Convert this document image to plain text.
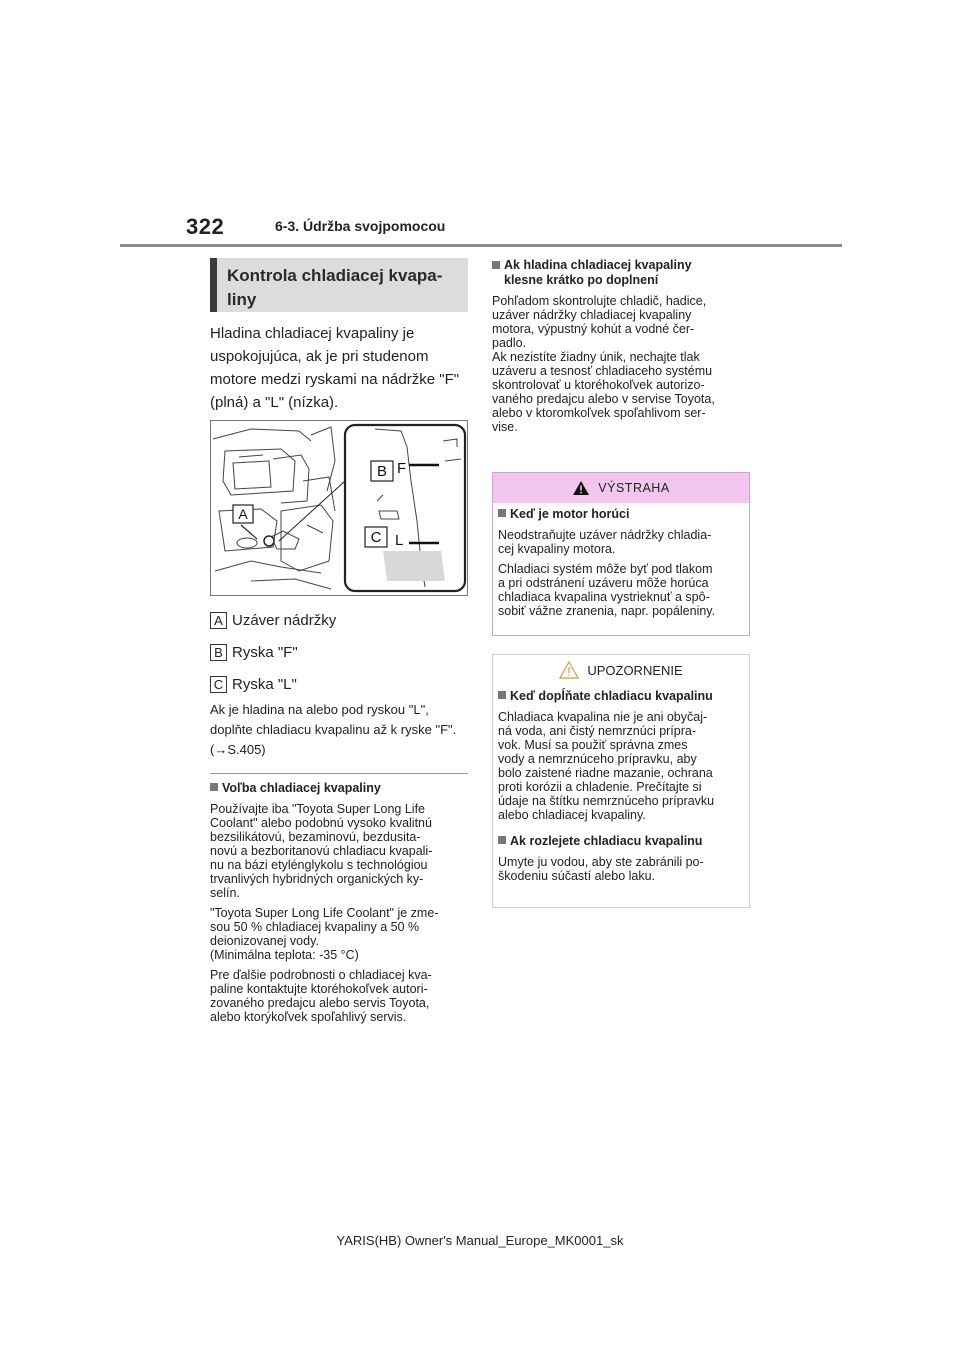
322	6-3. Údržba svojpomocou
Kontrola chladiacej kvapa-liny
Hladina chladiacej kvapaliny je uspokojujúca, ak je pri studenom motore medzi ryskami na nádržke "F" (plná) a "L" (nízka).
A
B F
C L
A Uzáver nádržky
B Ryska "F"
C Ryska "L"
Ak je hladina na alebo pod ryskou "L", doplňte chladiacu kvapalinu až k ryske "F". (→S.405)
Voľba chladiacej kvapaliny
Používajte iba "Toyota Super Long Life
Coolant" alebo podobnú vysoko kvalitnú
bezsilikátovú, bezaminovú, bezdusita-
novú a bezboritanovú chladiacu kvapali-
nu na bázi etylénglykolu s technológiou
trvanlivých hybridných organických ky-
selín.
"Toyota Super Long Life Coolant" je zme-
sou 50 % chladiacej kvapaliny a 50 %
deionizovanej vody.
(Minimálna teplota: -35 °C)
Pre ďalšie podrobnosti o chladiacej kva-
paline kontaktujte ktoréhokoľvek autori-
zovaného predajcu alebo servis Toyota,
alebo ktorýkoľvek spoľahlivý servis.
Ak hladina chladiacej kvapaliny
klesne krátko po doplnení
Pohľadom skontrolujte chladič, hadice,
uzáver nádržky chladiacej kvapaliny
motora, výpustný kohút a vodné čer-
padlo.
Ak nezistíte žiadny únik, nechajte tlak
uzáveru a tesnosť chladiaceho systému
skontrolovať u ktoréhokoľvek autorizo-
vaného predajcu alebo v servise Toyota,
alebo v ktoromkoľvek spoľahlivom ser-
vise.
VÝSTRAHA
Keď je motor horúci
Neodstraňujte uzáver nádržky chladia-
cej kvapaliny motora.
Chladiaci systém môže byť pod tlakom
a pri odstránení uzáveru môže horúca
chladiaca kvapalina vystrieknuť a spô-
sobiť vážne zranenia, napr. popáleniny.
UPOZORNENIE
Keď dopĺňate chladiacu kvapalinu
Chladiaca kvapalina nie je ani obyčaj-
ná voda, ani čistý nemrznúci prípra-
vok. Musí sa použiť správna zmes
vody a nemrznúceho prípravku, aby
bolo zaistené riadne mazanie, ochrana
proti korózii a chladenie. Prečítajte si
údaje na štítku nemrznúceho prípravku
alebo chladiacej kvapaliny.
Ak rozlejete chladiacu kvapalinu
Umyte ju vodou, aby ste zabránili po-
škodeniu súčastí alebo laku.
YARIS(HB) Owner's Manual_Europe_MK0001_sk
